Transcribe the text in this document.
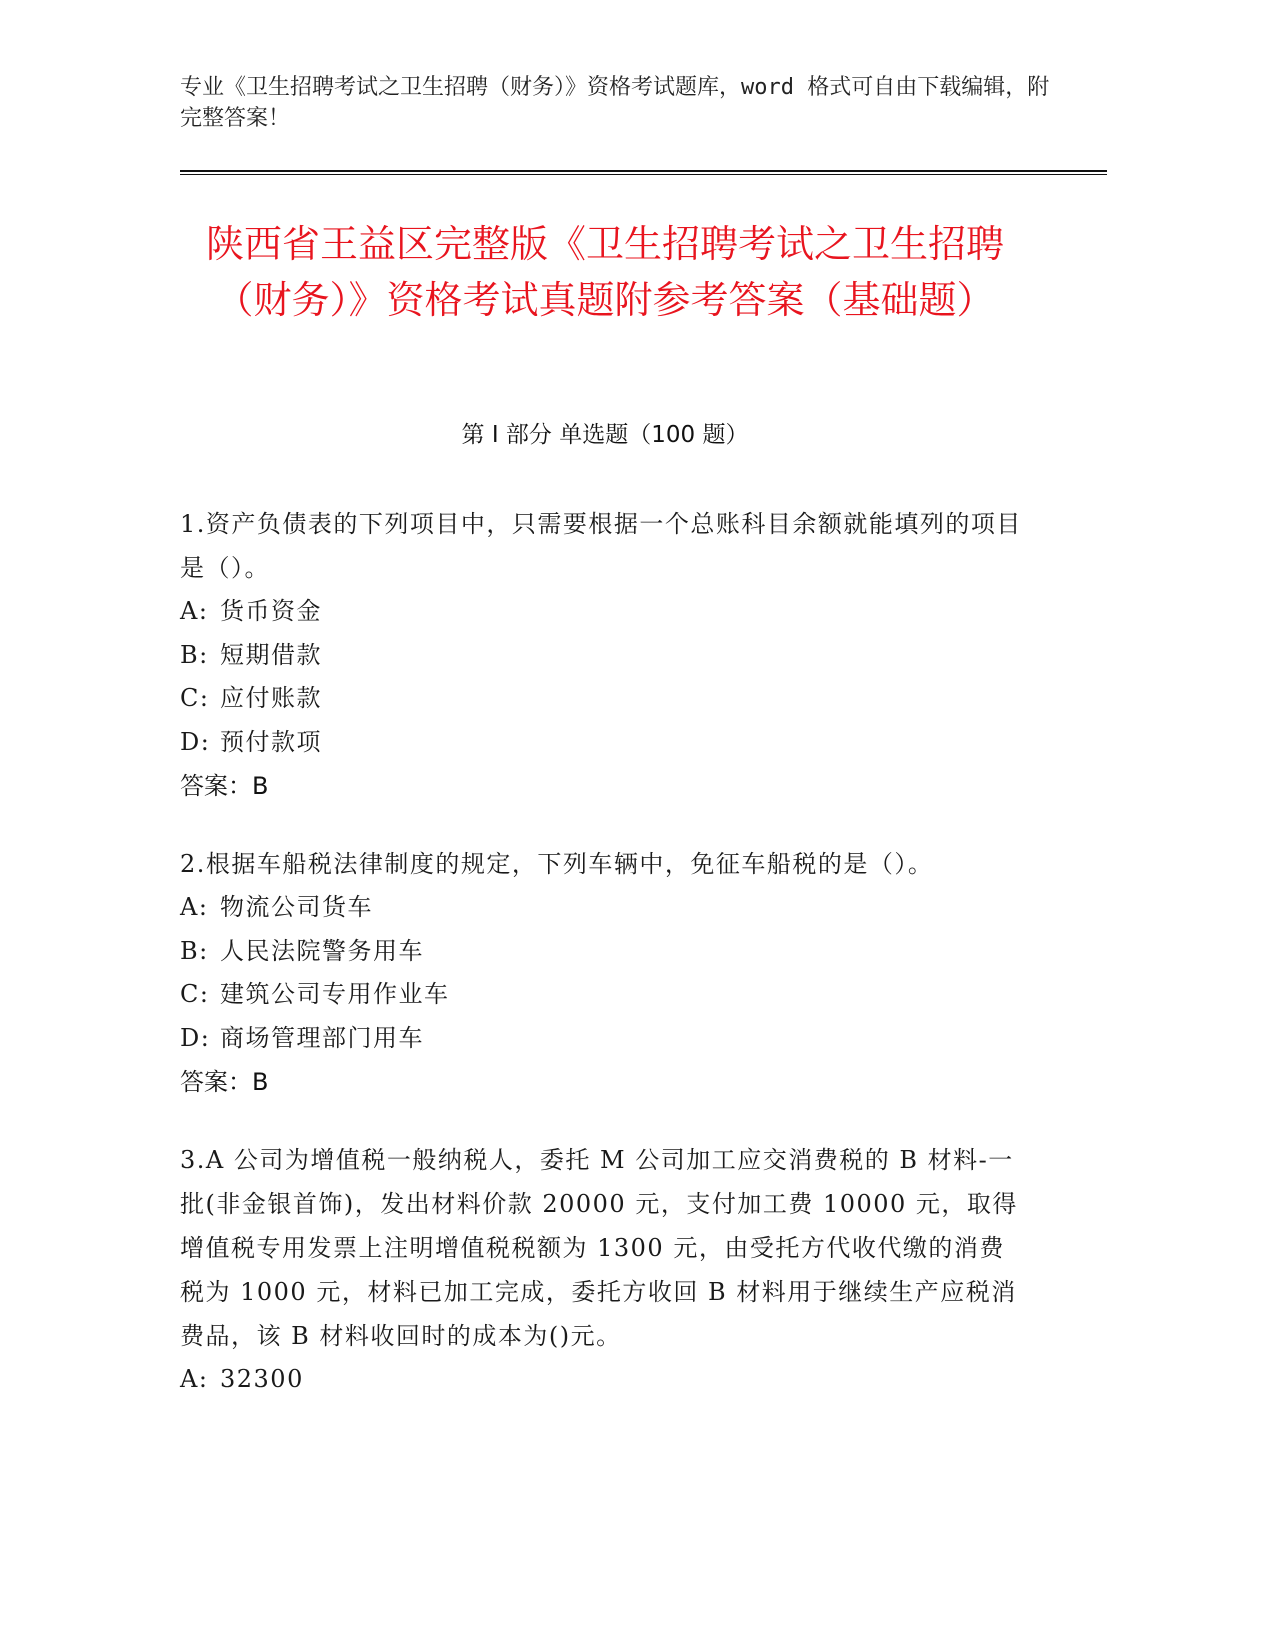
专业《卫生招聘考试之卫生招聘（财务）》资格考试题库，word 格式可自由下载编辑，附完整答案！
陕西省王益区完整版《卫生招聘考试之卫生招聘（财务）》资格考试真题附参考答案（基础题）
第 I 部分 单选题（100 题）
1.资产负债表的下列项目中，只需要根据一个总账科目余额就能填列的项目是（）。
A: 货币资金
B: 短期借款
C: 应付账款
D: 预付款项
答案：B
2.根据车船税法律制度的规定，下列车辆中，免征车船税的是（）。
A: 物流公司货车
B: 人民法院警务用车
C: 建筑公司专用作业车
D: 商场管理部门用车
答案：B
3.A 公司为增值税一般纳税人，委托 M 公司加工应交消费税的 B 材料-一批(非金银首饰)，发出材料价款 20000 元，支付加工费 10000 元，取得增值税专用发票上注明增值税税额为 1300 元，由受托方代收代缴的消费税为 1000 元，材料已加工完成，委托方收回 B 材料用于继续生产应税消费品，该 B 材料收回时的成本为()元。
A: 32300
